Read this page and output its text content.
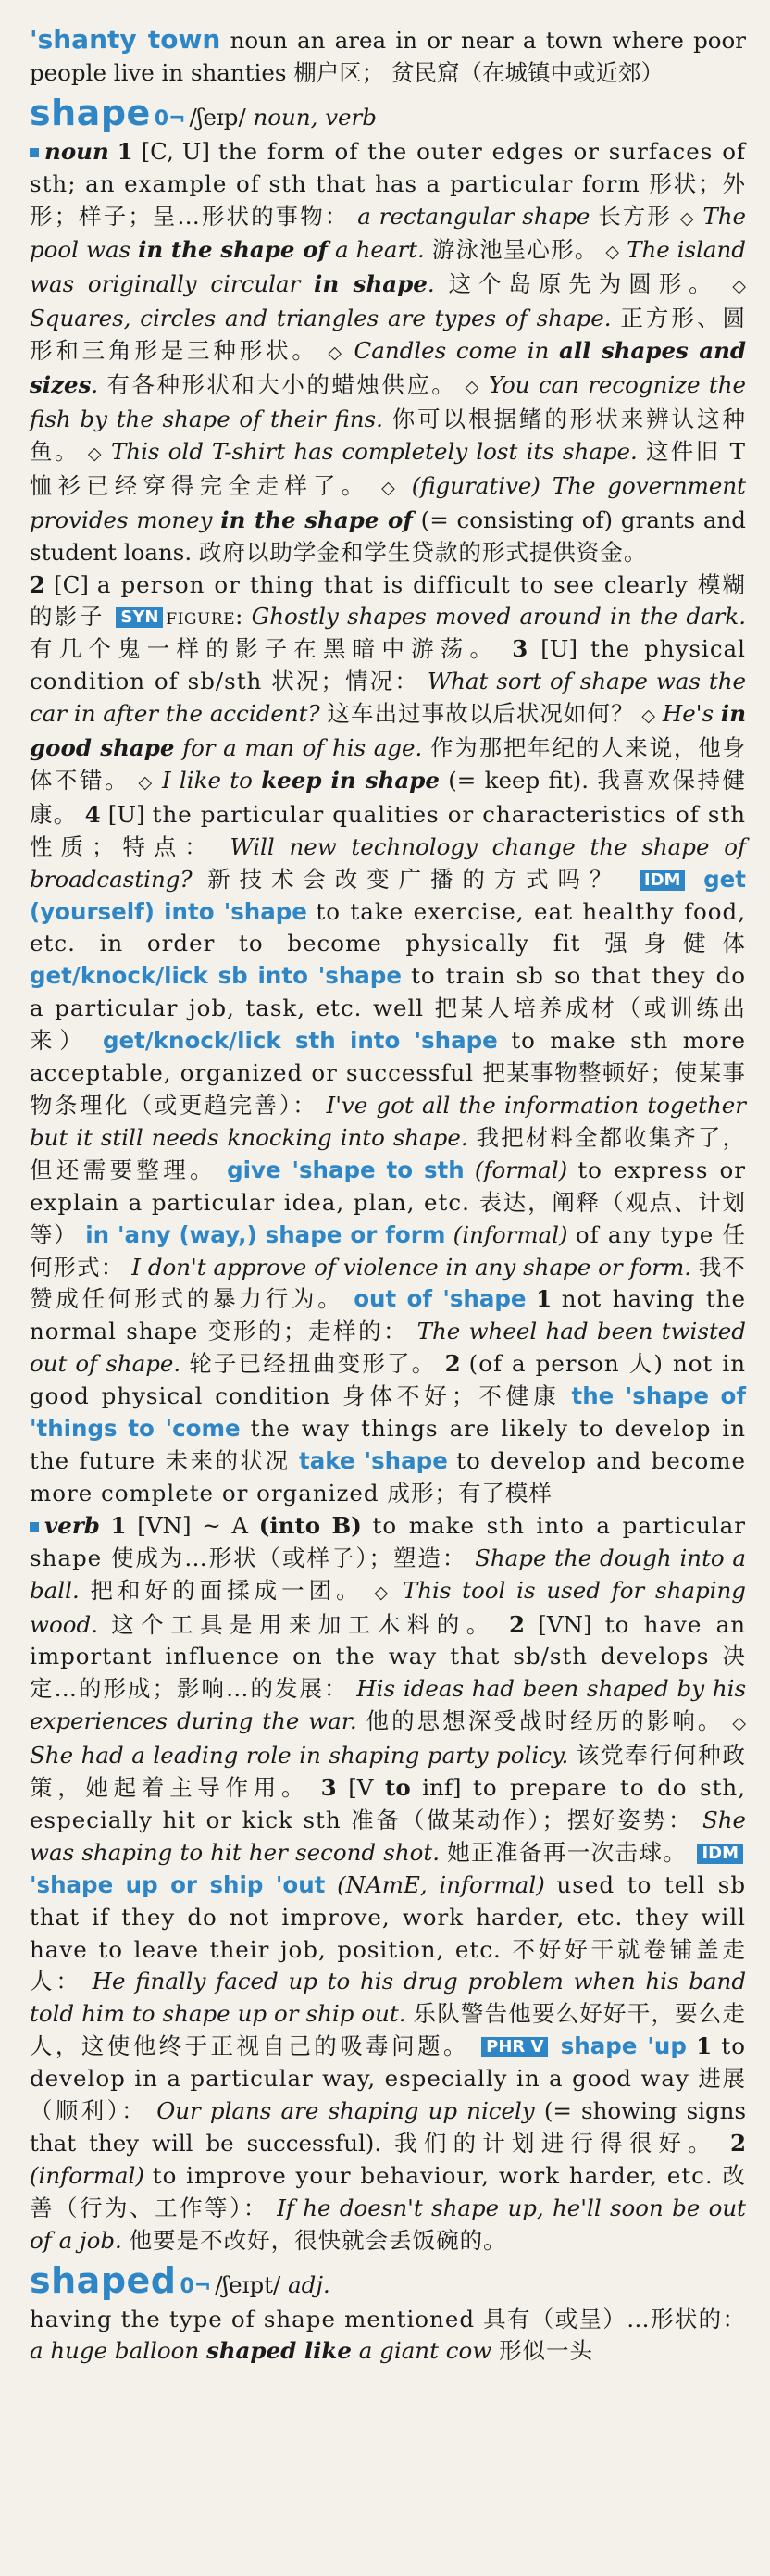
'shanty town noun an area in or near a town where poor people live in shanties 棚户区； 贫民窟（在城镇中或近郊）

shape 0¬ /ʃeɪp/ noun, verb

noun 1 [C, U] the form of the outer edges or surfaces of sth; an example of sth that has a particular form 形状；外形；样子；呈…形状的事物： a rectangular shape 长方形 ◇ The pool was in the shape of a heart. 游泳池呈心形。 ◇ The island was originally circular in shape. 这个岛原先为圆形。 ◇ Squares, circles and triangles are types of shape. 正方形、圆形和三角形是三种形状。 ◇ Candles come in all shapes and sizes. 有各种形状和大小的蜡烛供应。 ◇ You can recognize the fish by the shape of their fins. 你可以根据鳍的形状来辨认这种鱼。 ◇ This old T-shirt has completely lost its shape. 这件旧 T 恤衫已经穿得完全走样了。 ◇ (figurative) The government provides money in the shape of (= consisting of) grants and student loans. 政府以助学金和学生贷款的形式提供资金。
2 [C] a person or thing that is difficult to see clearly 模糊的影子 SYN figure: Ghostly shapes moved around in the dark. 有几个鬼一样的影子在黑暗中游荡。 3 [U] the physical condition of sb/sth 状况；情况： What sort of shape was the car in after the accident? 这车出过事故以后状况如何？ ◇ He's in good shape for a man of his age. 作为那把年纪的人来说，他身体不错。 ◇ I like to keep in shape (= keep fit). 我喜欢保持健康。 4 [U] the particular qualities or characteristics of sth 性质；特点： Will new technology change the shape of broadcasting? 新技术会改变广播的方式吗？ IDM get (yourself) into 'shape to take exercise, eat healthy food, etc. in order to become physically fit 强身健体 get/knock/lick sb into 'shape to train sb so that they do a particular job, task, etc. well 把某人培养成材（或训练出来） get/knock/lick sth into 'shape to make sth more acceptable, organized or successful 把某事物整顿好；使某事物条理化（或更趋完善）： I've got all the information together but it still needs knocking into shape. 我把材料全都收集齐了，但还需要整理。 give 'shape to sth (formal) to express or explain a particular idea, plan, etc. 表达，阐释（观点、计划等） in 'any (way,) shape or form (informal) of any type 任何形式： I don't approve of violence in any shape or form. 我不赞成任何形式的暴力行为。 out of 'shape 1 not having the normal shape 变形的；走样的： The wheel had been twisted out of shape. 轮子已经扭曲变形了。 2 (of a person 人) not in good physical condition 身体不好；不健康 the 'shape of 'things to 'come the way things are likely to develop in the future 未来的状况 take 'shape to develop and become more complete or organized 成形；有了模样

verb 1 [VN] ~ A (into B) to make sth into a particular shape 使成为…形状（或样子）；塑造： Shape the dough into a ball. 把和好的面揉成一团。 ◇ This tool is used for shaping wood. 这个工具是用来加工木料的。 2 [VN] to have an important influence on the way that sb/sth develops 决定…的形成；影响…的发展： His ideas had been shaped by his experiences during the war. 他的思想深受战时经历的影响。 ◇ She had a leading role in shaping party policy. 该党奉行何种政策，她起着主导作用。 3 [V to inf] to prepare to do sth, especially hit or kick sth 准备（做某动作）；摆好姿势： She was shaping to hit her second shot. 她正准备再一次击球。 IDM 'shape up or ship 'out (NAmE, informal) used to tell sb that if they do not improve, work harder, etc. they will have to leave their job, position, etc. 不好好干就卷铺盖走人： He finally faced up to his drug problem when his band told him to shape up or ship out. 乐队警告他要么好好干，要么走人，这使他终于正视自己的吸毒问题。 PHR V shape 'up 1 to develop in a particular way, especially in a good way 进展（顺利）： Our plans are shaping up nicely (= showing signs that they will be successful). 我们的计划进行得很好。 2 (informal) to improve your behaviour, work harder, etc. 改善（行为、工作等）： If he doesn't shape up, he'll soon be out of a job. 他要是不改好，很快就会丢饭碗的。

shaped 0¬ /ʃeɪpt/ adj.
having the type of shape mentioned 具有（或呈）…形状的： a huge balloon shaped like a giant cow 形似一头
